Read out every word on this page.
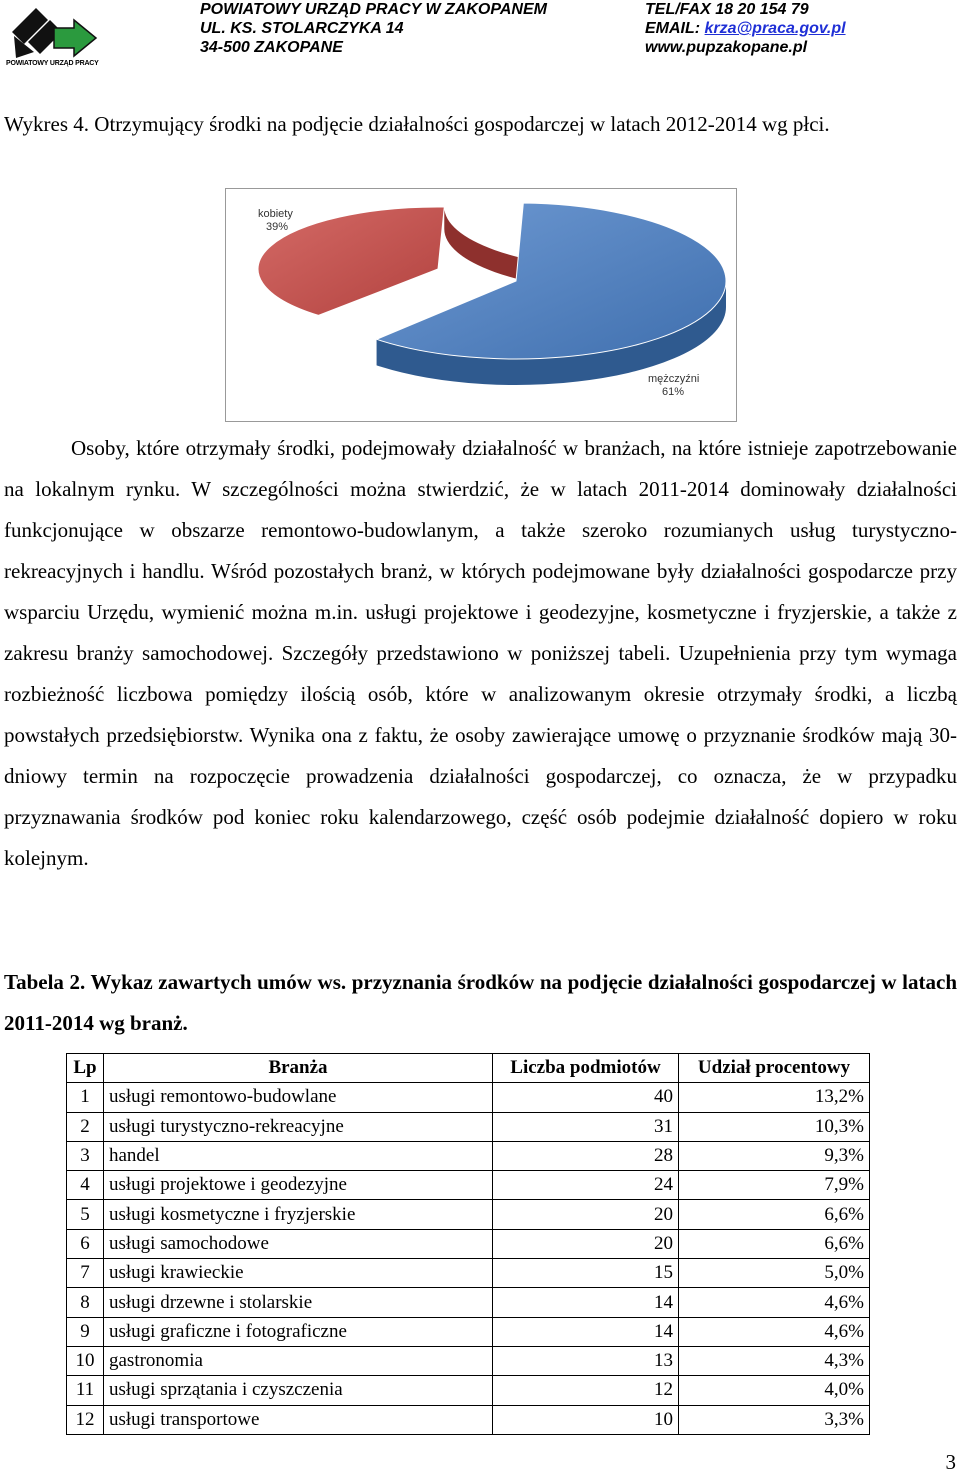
POWIATOWY URZĄD PRACY
POWIATOWY URZĄD PRACY W ZAKOPANEM
UL. KS. STOLARCZYKA 14
34-500 ZAKOPANE
TEL/FAX 18 20 154 79
EMAIL: krza@praca.gov.pl
www.pupzakopane.pl
Wykres 4. Otrzymujący środki na podjęcie działalności gospodarczej w latach 2012-2014 wg płci.
kobiety
39%
mężczyźni
61%

Osoby, które otrzymały środki, podejmowały działalność w branżach, na które istnieje zapotrzebowanie na lokalnym rynku. W szczególności można stwierdzić, że w latach 2011-2014 dominowały działalności funkcjonujące w obszarze remontowo-budowlanym, a także szeroko rozumianych usług turystyczno-rekreacyjnych i handlu. Wśród pozostałych branż, w których podejmowane były działalności gospodarcze przy wsparciu Urzędu, wymienić można m.in. usługi projektowe i geodezyjne, kosmetyczne i fryzjerskie, a także z zakresu branży samochodowej. Szczegóły przedstawiono w poniższej tabeli. Uzupełnienia przy tym wymaga rozbieżność liczbowa pomiędzy ilością osób, które w analizowanym okresie otrzymały środki, a liczbą powstałych przedsiębiorstw. Wynika ona z faktu, że osoby zawierające umowę o przyznanie środków mają 30-dniowy termin na rozpoczęcie prowadzenia działalności gospodarczej, co oznacza, że w przypadku przyznawania środków pod koniec roku kalendarzowego, część osób podejmie działalność dopiero w roku kolejnym.

Tabela 2. Wykaz zawartych umów ws. przyznania środków na podjęcie działalności gospodarczej w latach 2011-2014 wg branż.
Lp	Branża	Liczba podmiotów	Udział procentowy
1	usługi remontowo-budowlane	40	13,2%
2	usługi turystyczno-rekreacyjne	31	10,3%
3	handel	28	9,3%
4	usługi projektowe i geodezyjne	24	7,9%
5	usługi kosmetyczne i fryzjerskie	20	6,6%
6	usługi samochodowe	20	6,6%
7	usługi krawieckie	15	5,0%
8	usługi drzewne i stolarskie	14	4,6%
9	usługi graficzne i fotograficzne	14	4,6%
10	gastronomia	13	4,3%
11	usługi sprzątania i czyszczenia	12	4,0%
12	usługi transportowe	10	3,3%
3
